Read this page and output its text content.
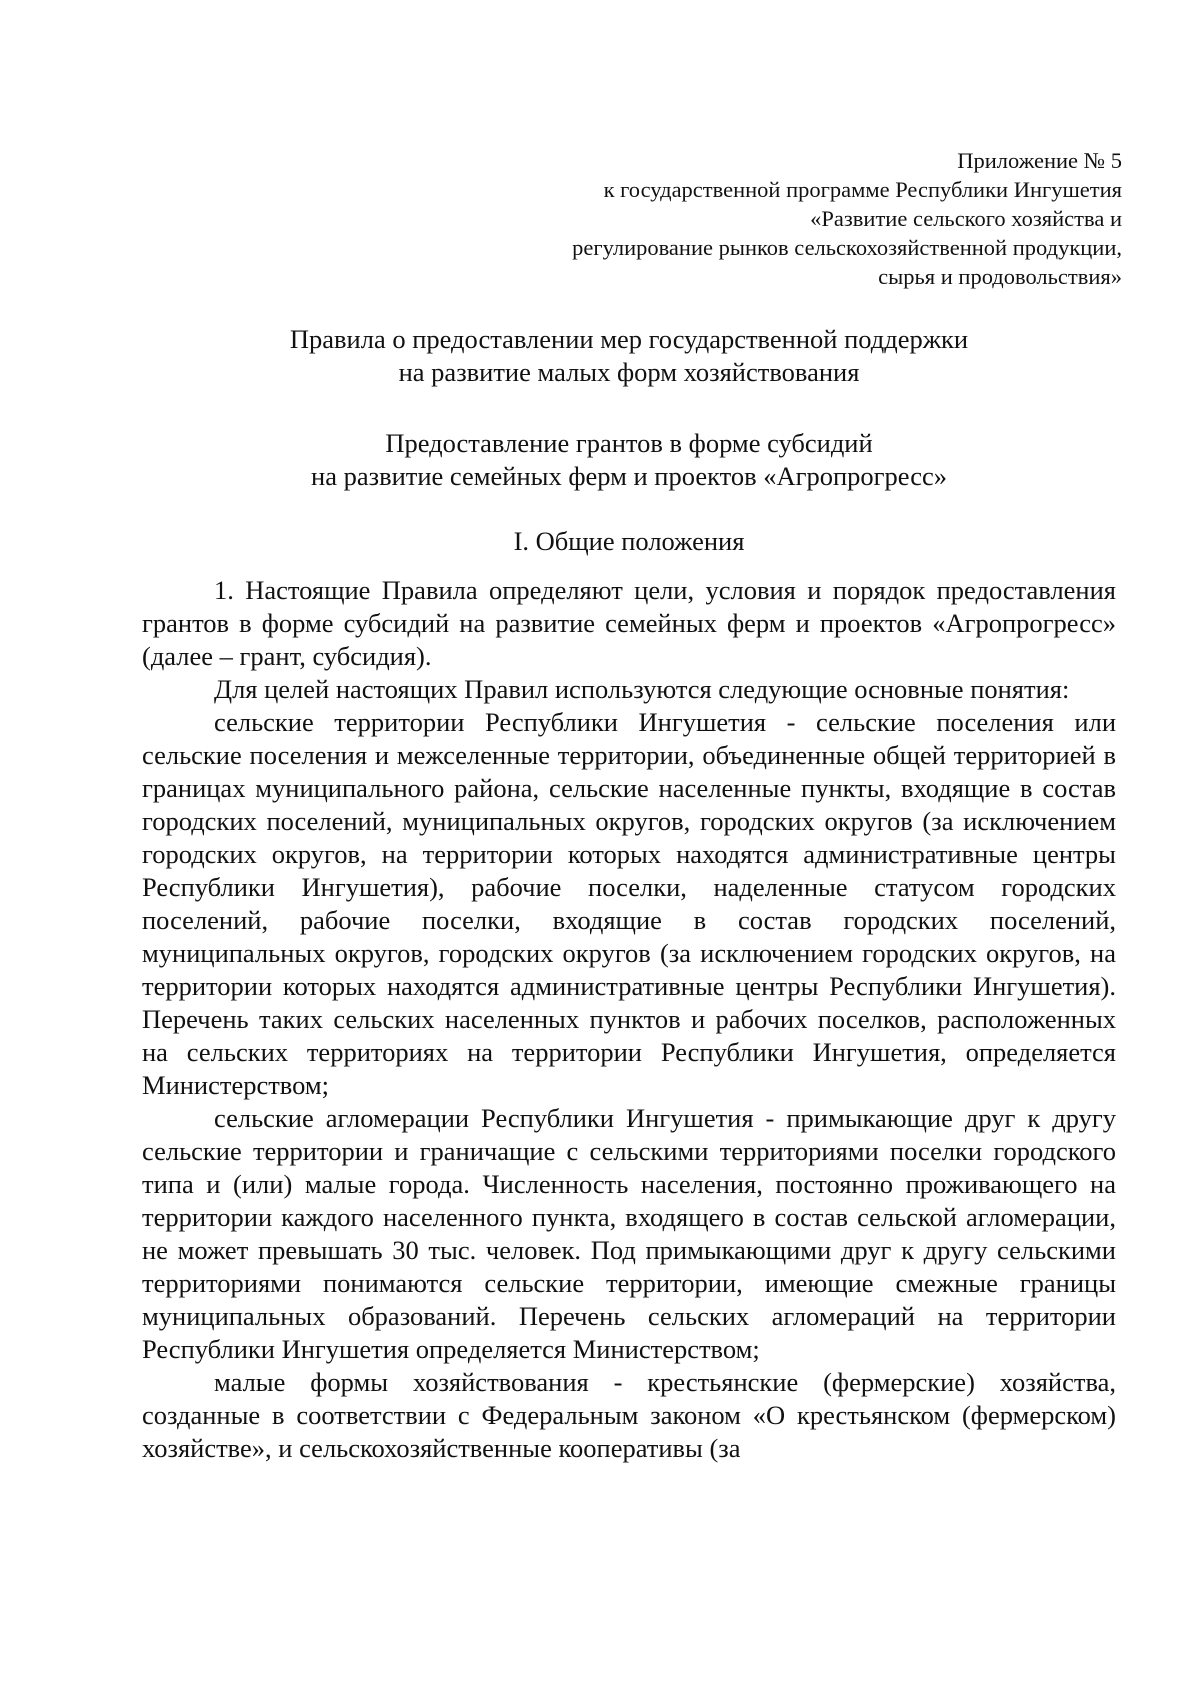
Приложение № 5
к государственной программе Республики Ингушетия
«Развитие сельского хозяйства и
регулирование рынков сельскохозяйственной продукции,
сырья и продовольствия»
Правила о предоставлении мер государственной поддержки
на развитие малых форм хозяйствования
Предоставление грантов в форме субсидий
на развитие семейных ферм и проектов «Агропрогресс»
I. Общие положения

1. Настоящие Правила определяют цели, условия и порядок предоставления грантов в форме субсидий на развитие семейных ферм и проектов «Агропрогресс» (далее – грант, субсидия).

Для целей настоящих Правил используются следующие основные понятия:

сельские территории Республики Ингушетия - сельские поселения или сельские поселения и межселенные территории, объединенные общей территорией в границах муниципального района, сельские населенные пункты, входящие в состав городских поселений, муниципальных округов, городских округов (за исключением городских округов, на территории которых находятся административные центры Республики Ингушетия), рабочие поселки, наделенные статусом городских поселений, рабочие поселки, входящие в состав городских поселений, муниципальных округов, городских округов (за исключением городских округов, на территории которых находятся административные центры Республики Ингушетия). Перечень таких сельских населенных пунктов и рабочих поселков, расположенных на сельских территориях на территории Республики Ингушетия, определяется Министерством;

сельские агломерации Республики Ингушетия - примыкающие друг к другу сельские территории и граничащие с сельскими территориями поселки городского типа и (или) малые города. Численность населения, постоянно проживающего на территории каждого населенного пункта, входящего в состав сельской агломерации, не может превышать 30 тыс. человек. Под примыкающими друг к другу сельскими территориями понимаются сельские территории, имеющие смежные границы муниципальных образований. Перечень сельских агломераций на территории Республики Ингушетия определяется Министерством;

малые формы хозяйствования - крестьянские (фермерские) хозяйства, созданные в соответствии с Федеральным законом «О крестьянском (фермерском) хозяйстве», и сельскохозяйственные кооперативы (за
